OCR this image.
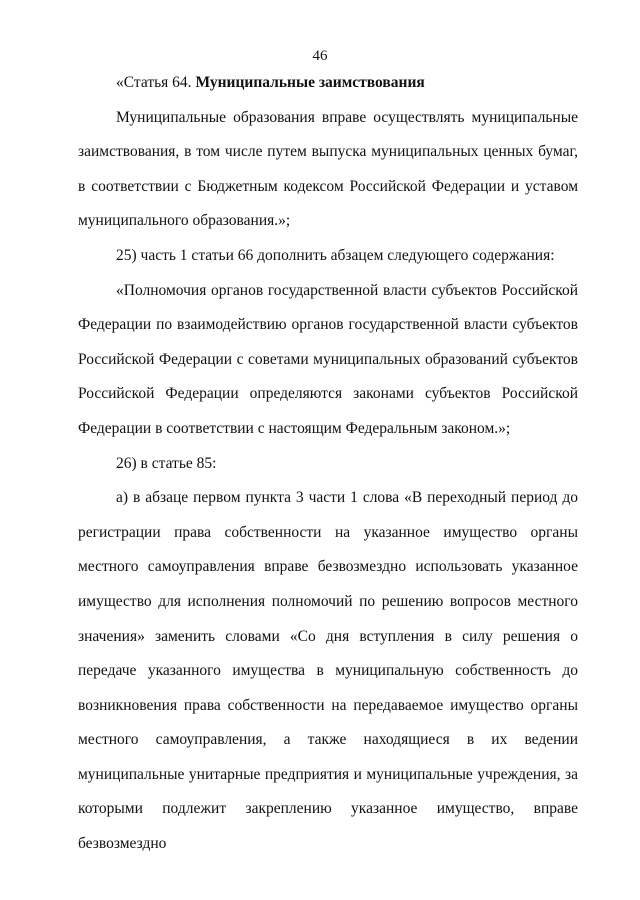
46

«Статья 64. Муниципальные заимствования

Муниципальные образования вправе осуществлять муниципальные заимствования, в том числе путем выпуска муниципальных ценных бумаг, в соответствии с Бюджетным кодексом Российской Федерации и уставом муниципального образования.»;

25) часть 1 статьи 66 дополнить абзацем следующего содержания:

«Полномочия органов государственной власти субъектов Российской Федерации по взаимодействию органов государственной власти субъектов Российской Федерации с советами муниципальных образований субъектов Российской Федерации определяются законами субъектов Российской Федерации в соответствии с настоящим Федеральным законом.»;

26) в статье 85:

а) в абзаце первом пункта 3 части 1 слова «В переходный период до регистрации права собственности на указанное имущество органы местного самоуправления вправе безвозмездно использовать указанное имущество для исполнения полномочий по решению вопросов местного значения» заменить словами «Со дня вступления в силу решения о передаче указанного имущества в муниципальную собственность до возникновения права собственности на передаваемое имущество органы местного самоуправления, а также находящиеся в их ведении муниципальные унитарные предприятия и муниципальные учреждения, за которыми подлежит закреплению указанное имущество, вправе безвозмездно
